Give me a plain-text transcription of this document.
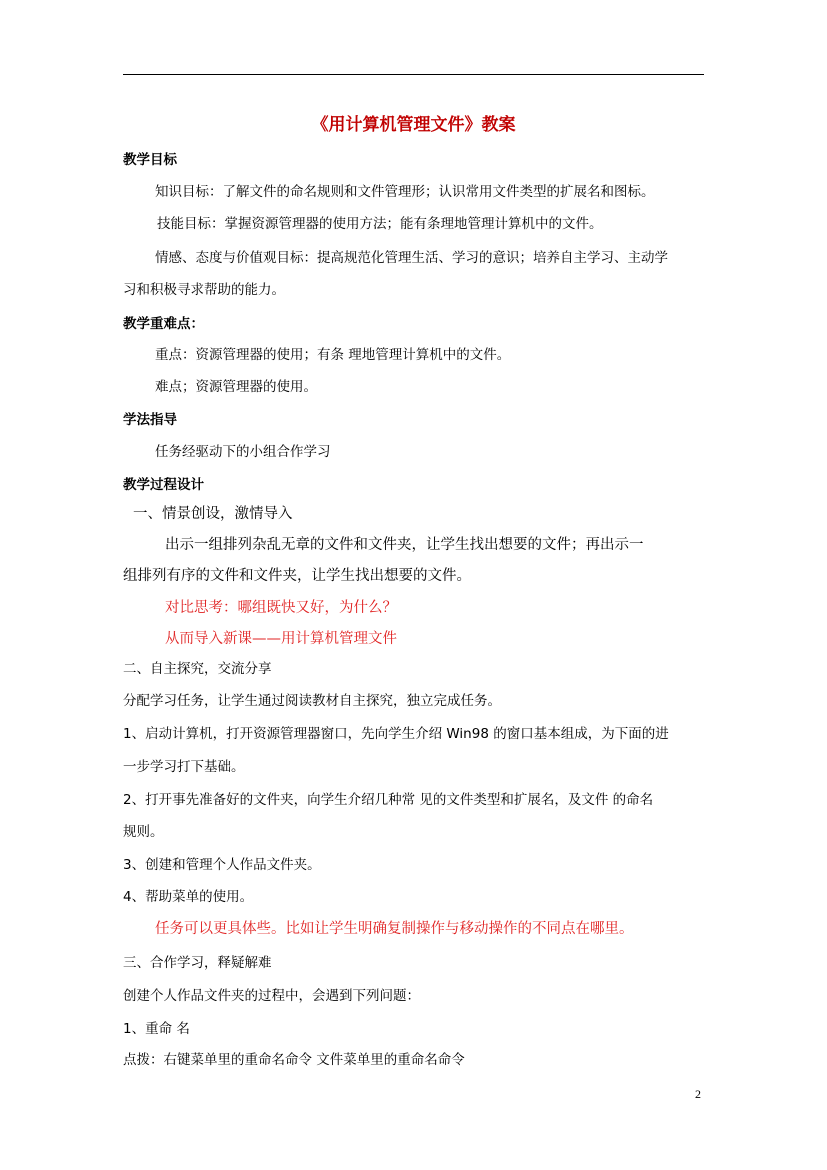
《用计算机管理文件》教案
教学目标
知识目标：了解文件的命名规则和文件管理形；认识常用文件类型的扩展名和图标。
技能目标：掌握资源管理器的使用方法；能有条理地管理计算机中的文件。
情感、态度与价值观目标：提高规范化管理生活、学习的意识；培养自主学习、主动学
习和积极寻求帮助的能力。
教学重难点：
重点：资源管理器的使用；有条 理地管理计算机中的文件。
难点；资源管理器的使用。
学法指导
任务经驱动下的小组合作学习
教学过程设计
一、情景创设，激情导入
出示一组排列杂乱无章的文件和文件夹，让学生找出想要的文件；再出示一
组排列有序的文件和文件夹，让学生找出想要的文件。
对比思考：哪组既快又好，为什么？
从而导入新课——用计算机管理文件
二、自主探究，交流分享
分配学习任务，让学生通过阅读教材自主探究，独立完成任务。
1、启动计算机，打开资源管理器窗口，先向学生介绍 Win98 的窗口基本组成，为下面的进
一步学习打下基础。
2、打开事先准备好的文件夹，向学生介绍几种常 见的文件类型和扩展名，及文件 的命名
规则。
3、创建和管理个人作品文件夹。
4、帮助菜单的使用。
任务可以更具体些。比如让学生明确复制操作与移动操作的不同点在哪里。
三、合作学习，释疑解难
创建个人作品文件夹的过程中，会遇到下列问题：
1、重命 名
点拨：右键菜单里的重命名命令 文件菜单里的重命名命令
2
